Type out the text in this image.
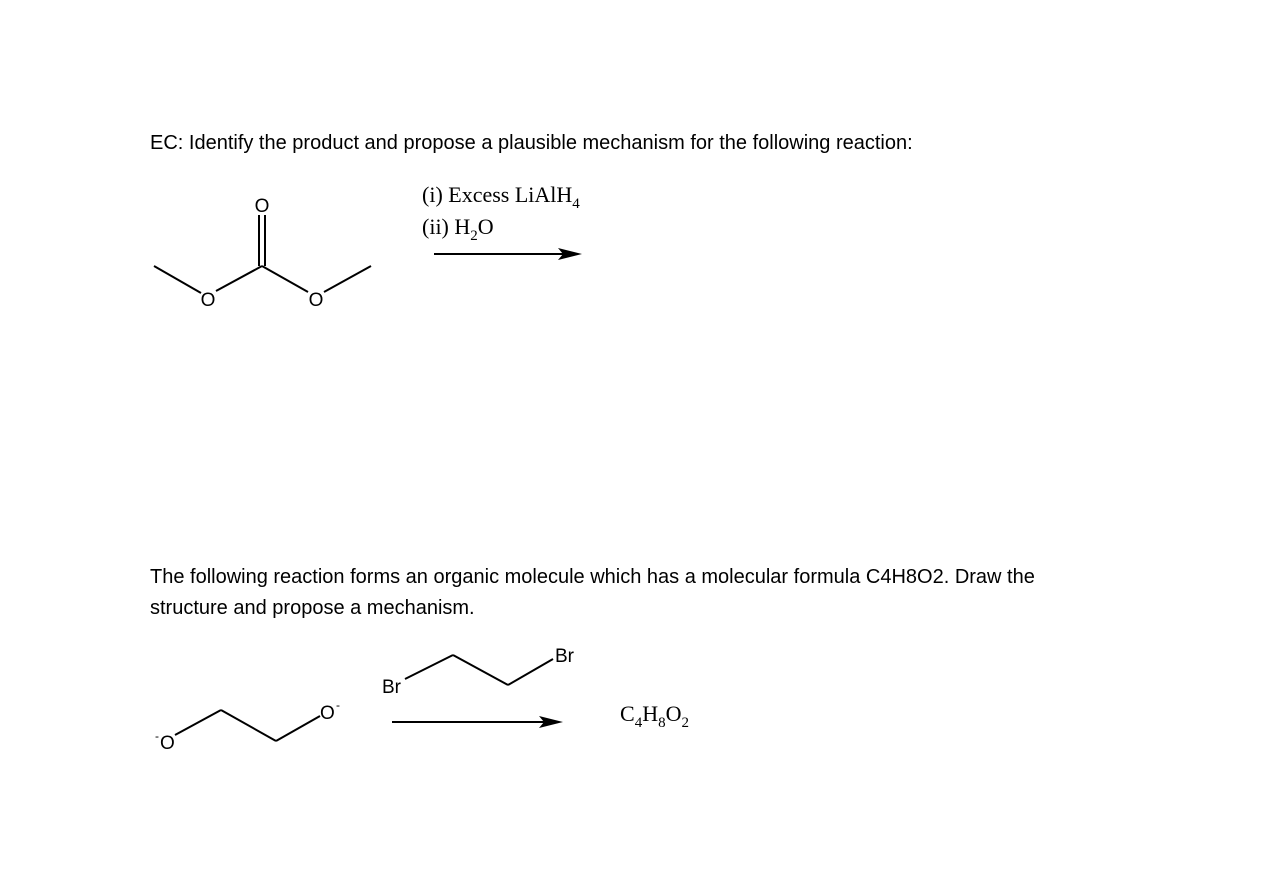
EC: Identify the product and propose a plausible mechanism for the following reaction:

The following reaction forms an organic molecule which has a molecular formula C4H8O2. Draw the structure and propose a mechanism.

O
O	O
(i) Excess LiAlH$_4$
(ii) $H_2O$
- O
O -
Br
Br
$C_4H_8O_2$
